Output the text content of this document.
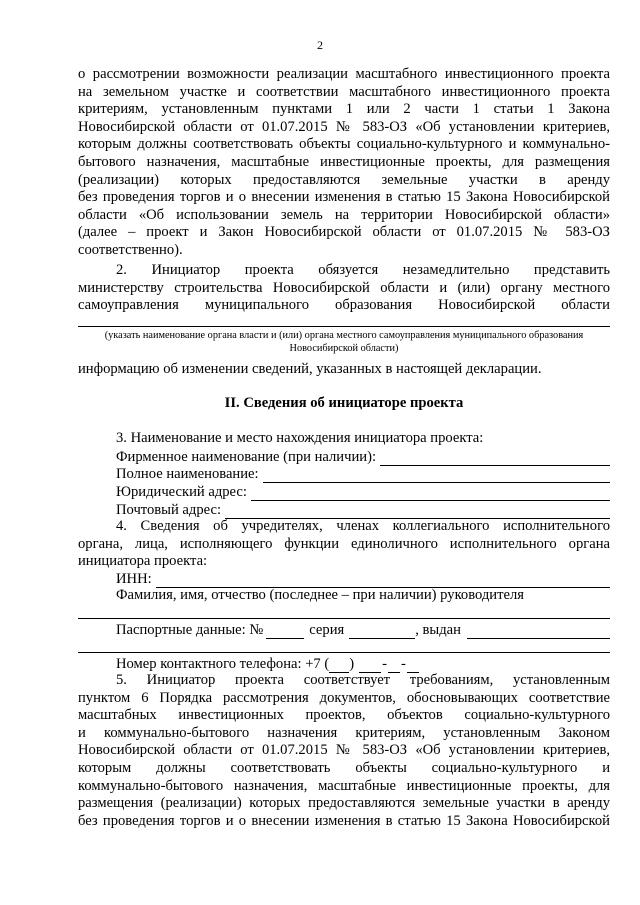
2
о рассмотрении возможности реализации масштабного инвестиционного проекта
на земельном участке и соответствии масштабного инвестиционного проекта
критериям, установленным пунктами 1 или 2 части 1 статьи 1 Закона
Новосибирской области от 01.07.2015 № 583-ОЗ «Об установлении критериев,
которым должны соответствовать объекты социально-культурного и коммунально-
бытового назначения, масштабные инвестиционные проекты, для размещения
(реализации) которых предоставляются земельные участки в аренду
без проведения торгов и о внесении изменения в статью 15 Закона Новосибирской
области «Об использовании земель на территории Новосибирской области»
(далее – проект и Закон Новосибирской области от 01.07.2015 № 583-ОЗ
соответственно).
2. Инициатор проекта обязуется незамедлительно представить
министерству строительства Новосибирской области и (или) органу местного
самоуправления муниципального образования Новосибирской области
(указать наименование органа власти и (или) органа местного самоуправления муниципального образования
Новосибирской области)
информацию об изменении сведений, указанных в настоящей декларации.
II. Сведения об инициаторе проекта
3. Наименование и место нахождения инициатора проекта:
Фирменное наименование (при наличии):
Полное наименование:
Юридический адрес:
Почтовый адрес:
4. Сведения об учредителях, членах коллегиального исполнительного
органа, лица, исполняющего функции единоличного исполнительного органа
инициатора проекта:
ИНН:
Фамилия, имя, отчество (последнее – при наличии) руководителя
Паспортные данные: №	серия	, выдан
Номер контактного телефона: +7 ( ) - -
5. Инициатор проекта соответствует требованиям, установленным
пунктом 6 Порядка рассмотрения документов, обосновывающих соответствие
масштабных инвестиционных проектов, объектов социально-культурного
и коммунально-бытового назначения критериям, установленным Законом
Новосибирской области от 01.07.2015 № 583-ОЗ «Об установлении критериев,
которым должны соответствовать объекты социально-культурного и
коммунально-бытового назначения, масштабные инвестиционные проекты, для
размещения (реализации) которых предоставляются земельные участки в аренду
без проведения торгов и о внесении изменения в статью 15 Закона Новосибирской
